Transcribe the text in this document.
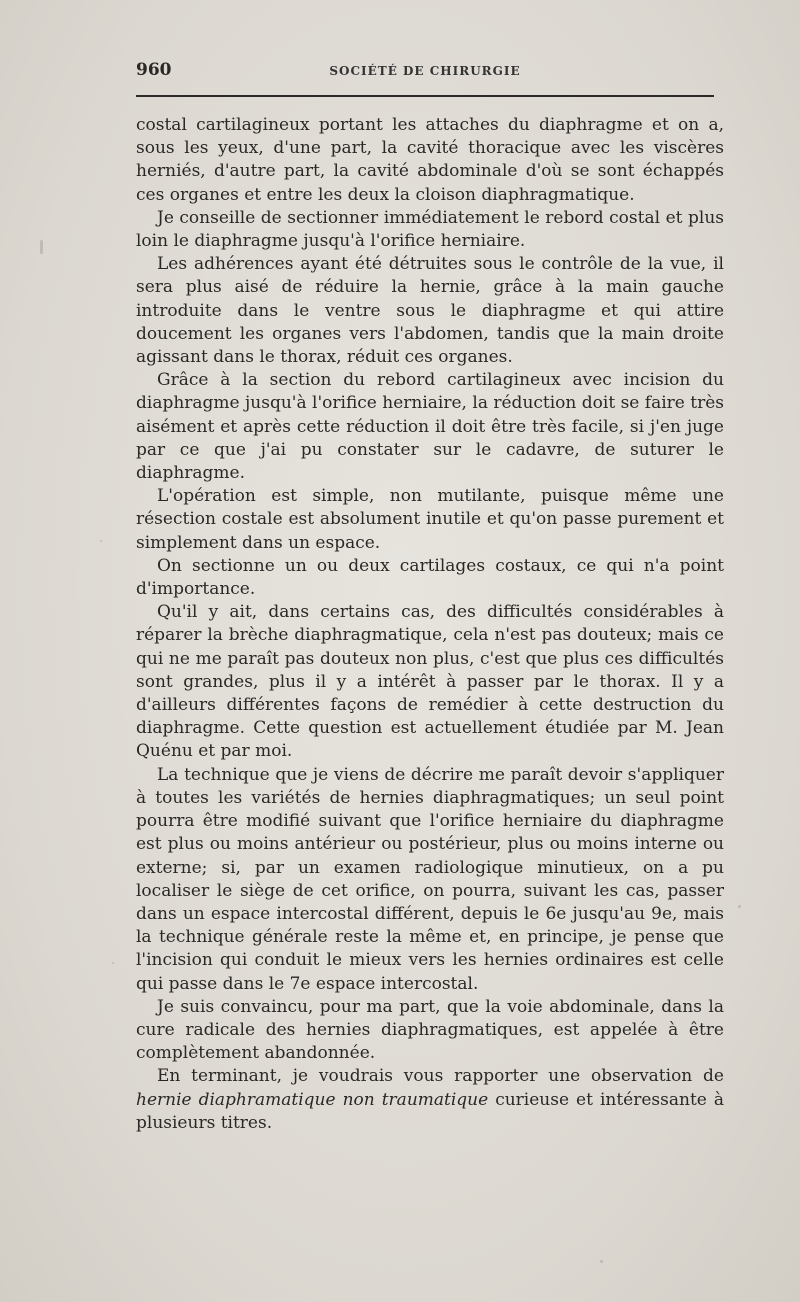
960	SOCIÉTÉ DE CHIRURGIE

costal cartilagineux portant les attaches du diaphragme et on a, sous les yeux, d'une part, la cavité thoracique avec les viscères herniés, d'autre part, la cavité abdominale d'où se sont échappés ces organes et entre les deux la cloison diaphragmatique.

Je conseille de sectionner immédiatement le rebord costal et plus loin le diaphragme jusqu'à l'orifice herniaire.

Les adhérences ayant été détruites sous le contrôle de la vue, il sera plus aisé de réduire la hernie, grâce à la main gauche introduite dans le ventre sous le diaphragme et qui attire doucement les organes vers l'abdomen, tandis que la main droite agissant dans le thorax, réduit ces organes.

Grâce à la section du rebord cartilagineux avec incision du diaphragme jusqu'à l'orifice herniaire, la réduction doit se faire très aisément et après cette réduction il doit être très facile, si j'en juge par ce que j'ai pu constater sur le cadavre, de suturer le diaphragme.

L'opération est simple, non mutilante, puisque même une résection costale est absolument inutile et qu'on passe purement et simplement dans un espace.

On sectionne un ou deux cartilages costaux, ce qui n'a point d'importance.

Qu'il y ait, dans certains cas, des difficultés considérables à réparer la brèche diaphragmatique, cela n'est pas douteux; mais ce qui ne me paraît pas douteux non plus, c'est que plus ces difficultés sont grandes, plus il y a intérêt à passer par le thorax. Il y a d'ailleurs différentes façons de remédier à cette destruction du diaphragme. Cette question est actuellement étudiée par M. Jean Quénu et par moi.

La technique que je viens de décrire me paraît devoir s'appliquer à toutes les variétés de hernies diaphragmatiques; un seul point pourra être modifié suivant que l'orifice herniaire du diaphragme est plus ou moins antérieur ou postérieur, plus ou moins interne ou externe; si, par un examen radiologique minutieux, on a pu localiser le siège de cet orifice, on pourra, suivant les cas, passer dans un espace intercostal différent, depuis le 6e jusqu'au 9e, mais la technique générale reste la même et, en principe, je pense que l'incision qui conduit le mieux vers les hernies ordinaires est celle qui passe dans le 7e espace intercostal.

Je suis convaincu, pour ma part, que la voie abdominale, dans la cure radicale des hernies diaphragmatiques, est appelée à être complètement abandonnée.

En terminant, je voudrais vous rapporter une observation de hernie diaphramatique non traumatique curieuse et intéressante à plusieurs titres.
